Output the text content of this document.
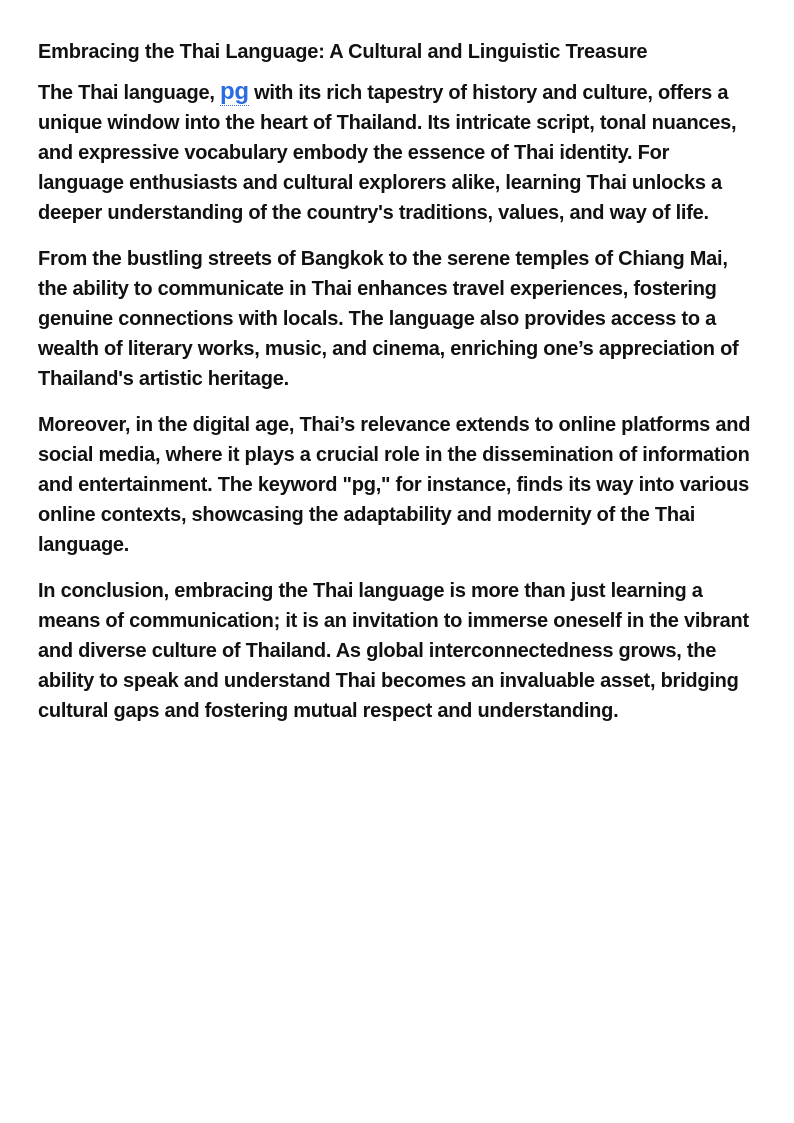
Embracing the Thai Language: A Cultural and Linguistic Treasure

The Thai language, pg with its rich tapestry of history and culture, offers a unique window into the heart of Thailand. Its intricate script, tonal nuances, and expressive vocabulary embody the essence of Thai identity. For language enthusiasts and cultural explorers alike, learning Thai unlocks a deeper understanding of the country's traditions, values, and way of life.

From the bustling streets of Bangkok to the serene temples of Chiang Mai, the ability to communicate in Thai enhances travel experiences, fostering genuine connections with locals. The language also provides access to a wealth of literary works, music, and cinema, enriching one’s appreciation of Thailand's artistic heritage.

Moreover, in the digital age, Thai’s relevance extends to online platforms and social media, where it plays a crucial role in the dissemination of information and entertainment. The keyword "pg," for instance, finds its way into various online contexts, showcasing the adaptability and modernity of the Thai language.

In conclusion, embracing the Thai language is more than just learning a means of communication; it is an invitation to immerse oneself in the vibrant and diverse culture of Thailand. As global interconnectedness grows, the ability to speak and understand Thai becomes an invaluable asset, bridging cultural gaps and fostering mutual respect and understanding.
